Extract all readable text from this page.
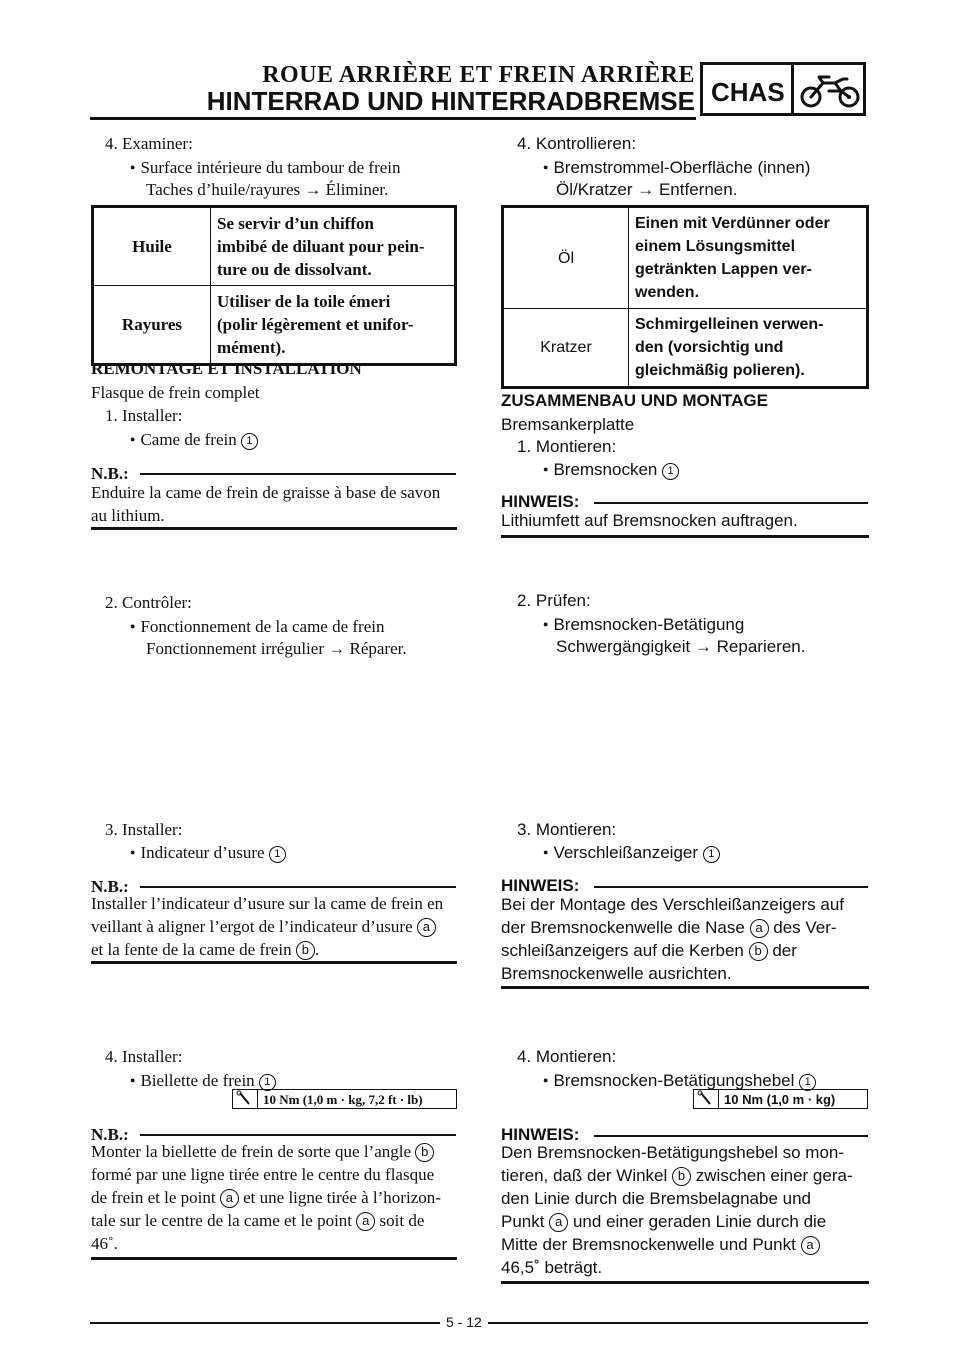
ROUE ARRIÈRE ET FREIN ARRIÈRE
HINTERRAD UND HINTERRADBREMSE CHAS
4. Examiner:
● Surface intérieure du tambour de frein
Taches d’huile/rayures → Éliminer.
Huile	Se servir d’un chiffon
imbibé de diluant pour pein-
ture ou de dissolvant.
Rayures	Utiliser de la toile émeri
(polir légèrement et unifor-
mément).
REMONTAGE ET INSTALLATION
Flasque de frein complet
1. Installer:
● Came de frein 1
N.B.:
Enduire la came de frein de graisse à base de savon
au lithium.
2. Contrôler:
● Fonctionnement de la came de frein
Fonctionnement irrégulier → Réparer.
3. Installer:
● Indicateur d’usure 1
N.B.:
Installer l’indicateur d’usure sur la came de frein en
veillant à aligner l’ergot de l’indicateur d’usure a
et la fente de la came de frein b .
4. Installer:
● Biellette de frein 1
10 Nm (1,0 m · kg, 7,2 ft · lb)
N.B.:
Monter la biellette de frein de sorte que l’angle b
formé par une ligne tirée entre le centre du flasque
de frein et le point a et une ligne tirée à l’horizon-
tale sur le centre de la came et le point a soit de
46˚.
4. Kontrollieren:
● Bremstrommel-Oberfläche (innen)
Öl/Kratzer → Entfernen.
Öl	Einen mit Verdünner oder
einem Lösungsmittel
getränkten Lappen ver-
wenden.
Kratzer	Schmirgelleinen verwen-
den (vorsichtig und
gleichmäßig polieren).
ZUSAMMENBAU UND MONTAGE
Bremsankerplatte
1. Montieren:
● Bremsnocken 1
HINWEIS:
Lithiumfett auf Bremsnocken auftragen.
2. Prüfen:
● Bremsnocken-Betätigung
Schwergängigkeit → Reparieren.
3. Montieren:
● Verschleißanzeiger 1
HINWEIS:
Bei der Montage des Verschleißanzeigers auf
der Bremsnockenwelle die Nase a des Ver-
schleißanzeigers auf die Kerben b der
Bremsnockenwelle ausrichten.
4. Montieren:
● Bremsnocken-Betätigungshebel 1
10 Nm (1,0 m · kg)
HINWEIS:
Den Bremsnocken-Betätigungshebel so mon-
tieren, daß der Winkel b zwischen einer gera-
den Linie durch die Bremsbelagnabe und
Punkt a und einer geraden Linie durch die
Mitte der Bremsnockenwelle und Punkt a
46,5˚ beträgt.
5 - 12
